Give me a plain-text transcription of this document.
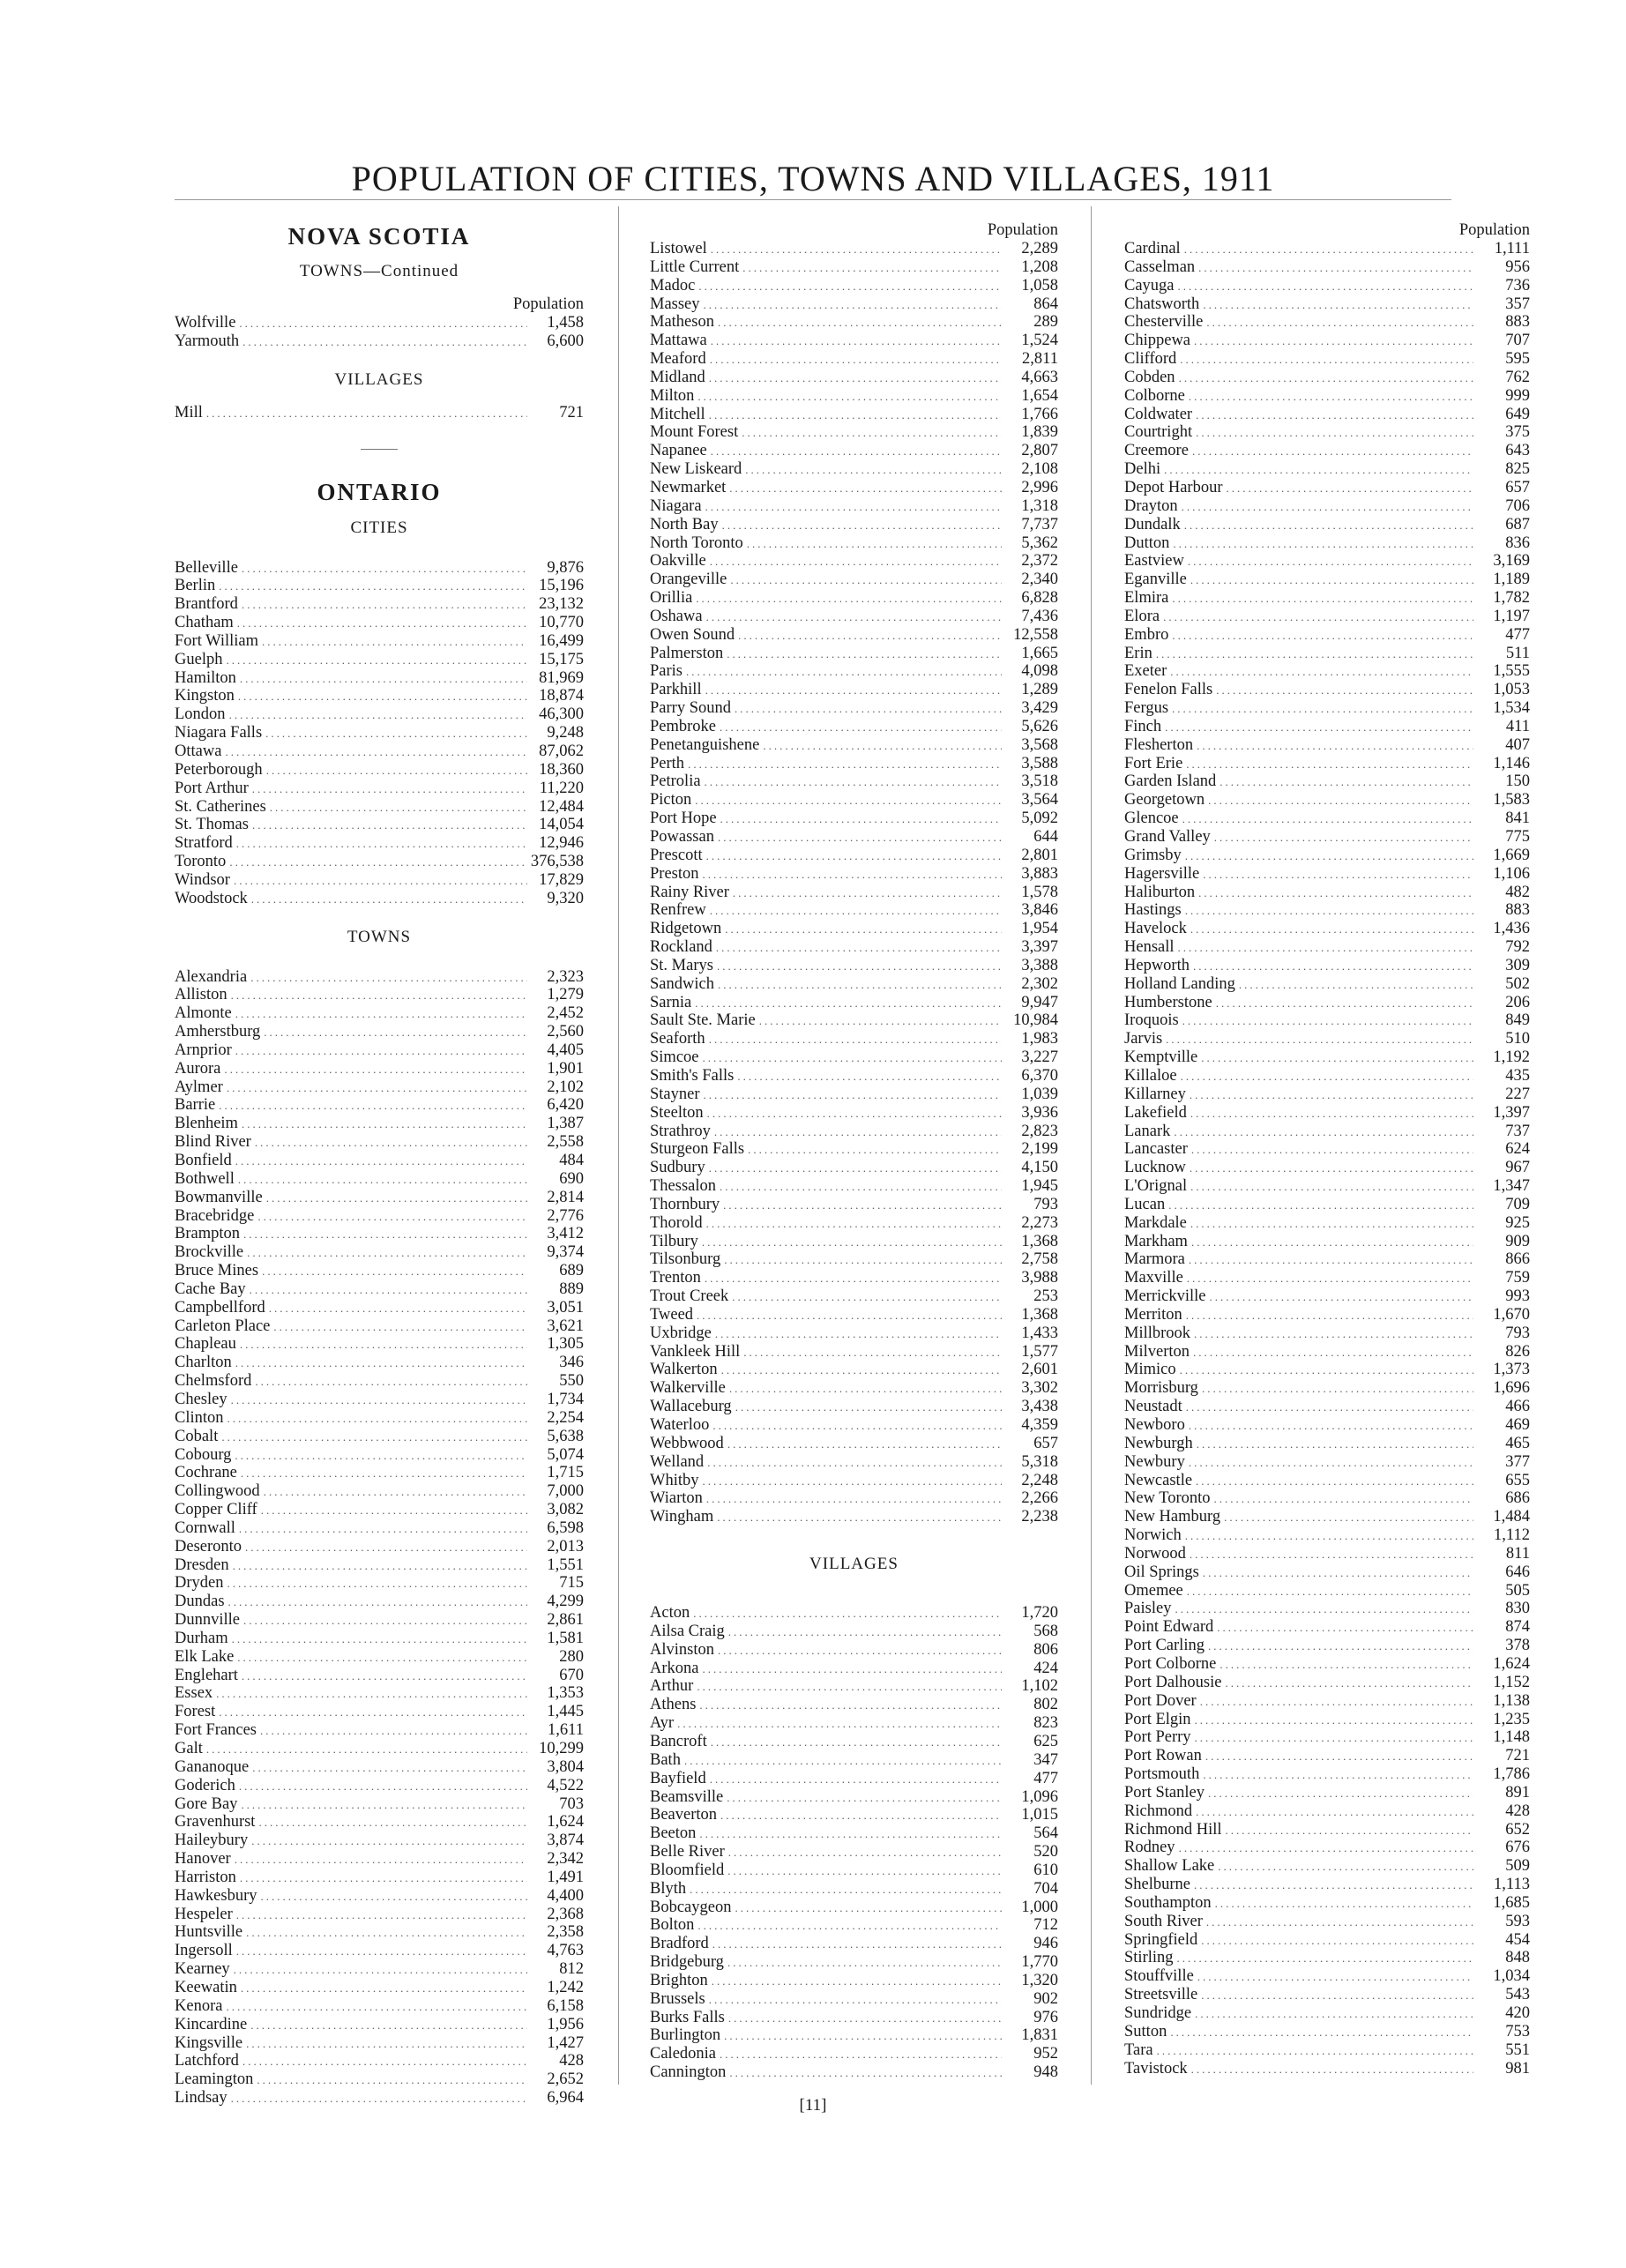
POPULATION OF CITIES, TOWNS AND VILLAGES, 1911
NOVA SCOTIA
TOWNS—Continued
Population
Wolfville .....	1,458
Yarmouth .....	6,600
VILLAGES
Mill .....	721
ONTARIO
CITIES
Belleville .....	9,876
Berlin .....	15,196
Brantford .....	23,132
Chatham .....	10,770
Fort William .....	16,499
Guelph .....	15,175
Hamilton .....	81,969
Kingston .....	18,874
London .....	46,300
Niagara Falls .....	9,248
Ottawa .....	87,062
Peterborough .....	18,360
Port Arthur .....	11,220
St. Catherines .....	12,484
St. Thomas .....	14,054
Stratford .....	12,946
Toronto .....	376,538
Windsor .....	17,829
Woodstock .....	9,320
TOWNS
Alexandria .....	2,323
Alliston .....	1,279
Almonte .....	2,452
Amherstburg .....	2,560
Arnprior .....	4,405
Aurora .....	1,901
Aylmer .....	2,102
Barrie .....	6,420
Blenheim .....	1,387
Blind River .....	2,558
Bonfield .....	484
Bothwell .....	690
Bowmanville .....	2,814
Bracebridge .....	2,776
Brampton .....	3,412
Brockville .....	9,374
Bruce Mines .....	689
Cache Bay .....	889
Campbellford .....	3,051
Carleton Place .....	3,621
Chapleau .....	1,305
Charlton .....	346
Chelmsford .....	550
Chesley .....	1,734
Clinton .....	2,254
Cobalt .....	5,638
Cobourg .....	5,074
Cochrane .....	1,715
Collingwood .....	7,000
Copper Cliff .....	3,082
Cornwall .....	6,598
Deseronto .....	2,013
Dresden .....	1,551
Dryden .....	715
Dundas .....	4,299
Dunnville .....	2,861
Durham .....	1,581
Elk Lake .....	280
Englehart .....	670
Essex .....	1,353
Forest .....	1,445
Fort Frances .....	1,611
Galt .....	10,299
Gananoque .....	3,804
Goderich .....	4,522
Gore Bay .....	703
Gravenhurst .....	1,624
Haileybury .....	3,874
Hanover .....	2,342
Harriston .....	1,491
Hawkesbury .....	4,400
Hespeler .....	2,368
Huntsville .....	2,358
Ingersoll .....	4,763
Kearney .....	812
Keewatin .....	1,242
Kenora .....	6,158
Kincardine .....	1,956
Kingsville .....	1,427
Latchford .....	428
Leamington .....	2,652
Lindsay .....	6,964
Population
Listowel .....	2,289
Little Current .....	1,208
Madoc .....	1,058
Massey .....	864
Matheson .....	289
Mattawa .....	1,524
Meaford .....	2,811
Midland .....	4,663
Milton .....	1,654
Mitchell .....	1,766
Mount Forest .....	1,839
Napanee .....	2,807
New Liskeard .....	2,108
Newmarket .....	2,996
Niagara .....	1,318
North Bay .....	7,737
North Toronto .....	5,362
Oakville .....	2,372
Orangeville .....	2,340
Orillia .....	6,828
Oshawa .....	7,436
Owen Sound .....	12,558
Palmerston .....	1,665
Paris .....	4,098
Parkhill .....	1,289
Parry Sound .....	3,429
Pembroke .....	5,626
Penetanguishene .....	3,568
Perth .....	3,588
Petrolia .....	3,518
Picton .....	3,564
Port Hope .....	5,092
Powassan .....	644
Prescott .....	2,801
Preston .....	3,883
Rainy River .....	1,578
Renfrew .....	3,846
Ridgetown .....	1,954
Rockland .....	3,397
St. Marys .....	3,388
Sandwich .....	2,302
Sarnia .....	9,947
Sault Ste. Marie .....	10,984
Seaforth .....	1,983
Simcoe .....	3,227
Smith's Falls .....	6,370
Stayner .....	1,039
Steelton .....	3,936
Strathroy .....	2,823
Sturgeon Falls .....	2,199
Sudbury .....	4,150
Thessalon .....	1,945
Thornbury .....	793
Thorold .....	2,273
Tilbury .....	1,368
Tilsonburg .....	2,758
Trenton .....	3,988
Trout Creek .....	253
Tweed .....	1,368
Uxbridge .....	1,433
Vankleek Hill .....	1,577
Walkerton .....	2,601
Walkerville .....	3,302
Wallaceburg .....	3,438
Waterloo .....	4,359
Webbwood .....	657
Welland .....	5,318
Whitby .....	2,248
Wiarton .....	2,266
Wingham .....	2,238
VILLAGES
Acton .....	1,720
Ailsa Craig .....	568
Alvinston .....	806
Arkona .....	424
Arthur .....	1,102
Athens .....	802
Ayr .....	823
Bancroft .....	625
Bath .....	347
Bayfield .....	477
Beamsville .....	1,096
Beaverton .....	1,015
Beeton .....	564
Belle River .....	520
Bloomfield .....	610
Blyth .....	704
Bobcaygeon .....	1,000
Bolton .....	712
Bradford .....	946
Bridgeburg .....	1,770
Brighton .....	1,320
Brussels .....	902
Burks Falls .....	976
Burlington .....	1,831
Caledonia .....	952
Cannington .....	948
Population
Cardinal .....	1,111
Casselman .....	956
Cayuga .....	736
Chatsworth .....	357
Chesterville .....	883
Chippewa .....	707
Clifford .....	595
Cobden .....	762
Colborne .....	999
Coldwater .....	649
Courtright .....	375
Creemore .....	643
Delhi .....	825
Depot Harbour .....	657
Drayton .....	706
Dundalk .....	687
Dutton .....	836
Eastview .....	3,169
Eganville .....	1,189
Elmira .....	1,782
Elora .....	1,197
Embro .....	477
Erin .....	511
Exeter .....	1,555
Fenelon Falls .....	1,053
Fergus .....	1,534
Finch .....	411
Flesherton .....	407
Fort Erie .....	1,146
Garden Island .....	150
Georgetown .....	1,583
Glencoe .....	841
Grand Valley .....	775
Grimsby .....	1,669
Hagersville .....	1,106
Haliburton .....	482
Hastings .....	883
Havelock .....	1,436
Hensall .....	792
Hepworth .....	309
Holland Landing .....	502
Humberstone .....	206
Iroquois .....	849
Jarvis .....	510
Kemptville .....	1,192
Killaloe .....	435
Killarney .....	227
Lakefield .....	1,397
Lanark .....	737
Lancaster .....	624
Lucknow .....	967
L'Orignal .....	1,347
Lucan .....	709
Markdale .....	925
Markham .....	909
Marmora .....	866
Maxville .....	759
Merrickville .....	993
Merriton .....	1,670
Millbrook .....	793
Milverton .....	826
Mimico .....	1,373
Morrisburg .....	1,696
Neustadt .....	466
Newboro .....	469
Newburgh .....	465
Newbury .....	377
Newcastle .....	655
New Toronto .....	686
New Hamburg .....	1,484
Norwich .....	1,112
Norwood .....	811
Oil Springs .....	646
Omemee .....	505
Paisley .....	830
Point Edward .....	874
Port Carling .....	378
Port Colborne .....	1,624
Port Dalhousie .....	1,152
Port Dover .....	1,138
Port Elgin .....	1,235
Port Perry .....	1,148
Port Rowan .....	721
Portsmouth .....	1,786
Port Stanley .....	891
Richmond .....	428
Richmond Hill .....	652
Rodney .....	676
Shallow Lake .....	509
Shelburne .....	1,113
Southampton .....	1,685
South River .....	593
Springfield .....	454
Stirling .....	848
Stouffville .....	1,034
Streetsville .....	543
Sundridge .....	420
Sutton .....	753
Tara .....	551
Tavistock .....	981
[11]
